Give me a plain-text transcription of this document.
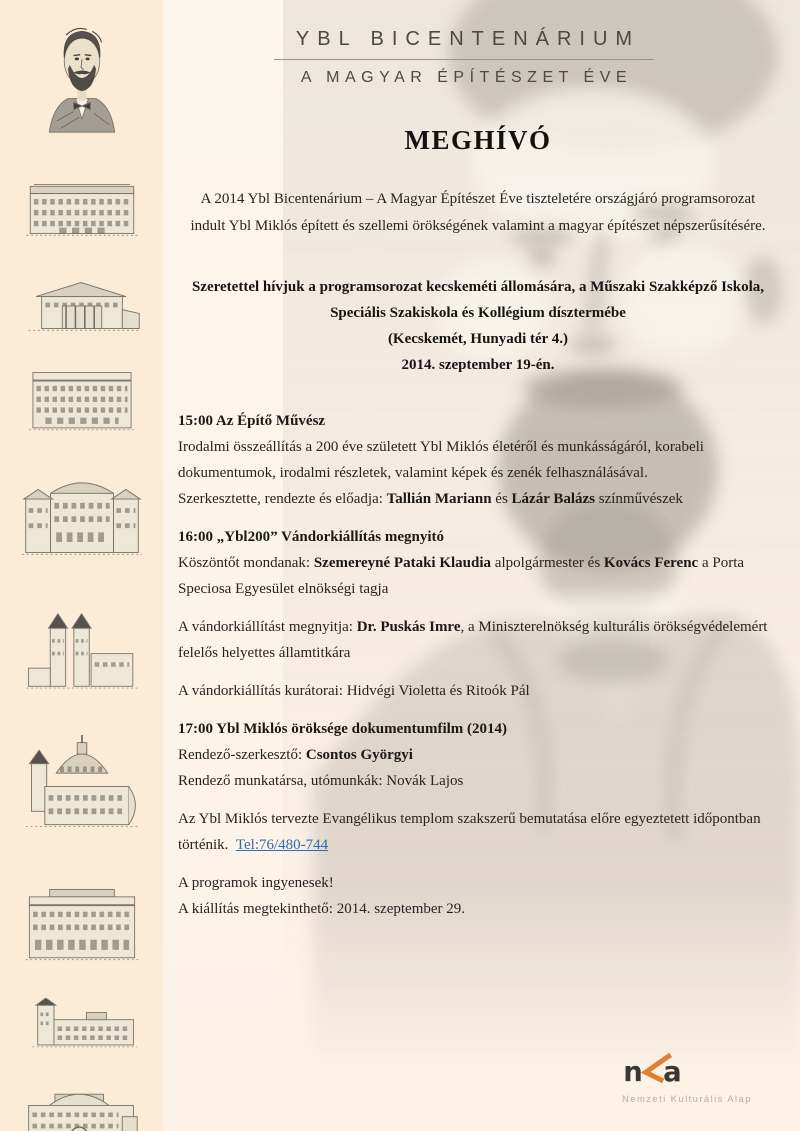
YBL BICENTENÁRIUM
A MAGYAR ÉPÍTÉSZET ÉVE
MEGHÍVÓ

A 2014 Ybl Bicentenárium – A Magyar Építészet Éve tiszteletére országjáró programsorozat indult Ybl Miklós épített és szellemi örökségének valamint a magyar építészet népszerűsítésére.

Szeretettel hívjuk a programsorozat kecskeméti állomására, a Műszaki Szakképző Iskola, Speciális Szakiskola és Kollégium dísztermébe

(Kecskemét, Hunyadi tér 4.)

2014. szeptember 19-én.

15:00 Az Építő Művész

Irodalmi összeállítás a 200 éve született Ybl Miklós életéről és munkásságáról, korabeli dokumentumok, irodalmi részletek, valamint képek és zenék felhasználásával.

Szerkesztette, rendezte és előadja: Tallián Mariann és Lázár Balázs színművészek

16:00 „Ybl200” Vándorkiállítás megnyitó

Köszöntőt mondanak: Szemereyné Pataki Klaudia alpolgármester és Kovács Ferenc a Porta Speciosa Egyesület elnökségi tagja

A vándorkiállítást megnyitja: Dr. Puskás Imre, a Miniszterelnökség kulturális örökségvédelemért felelős helyettes államtitkára

A vándorkiállítás kurátorai: Hidvégi Violetta és Ritoók Pál

17:00 Ybl Miklós öröksége dokumentumfilm (2014)

Rendező-szerkesztő: Csontos Györgyi

Rendező munkatársa, utómunkák: Novák Lajos

Az Ybl Miklós tervezte Evangélikus templom szakszerű bemutatása előre egyeztetett időpontban történik.  Tel:76/480-744

A programok ingyenesek!

A kiállítás megtekinthető: 2014. szeptember 29.

n a
Nemzeti Kulturális Alap
